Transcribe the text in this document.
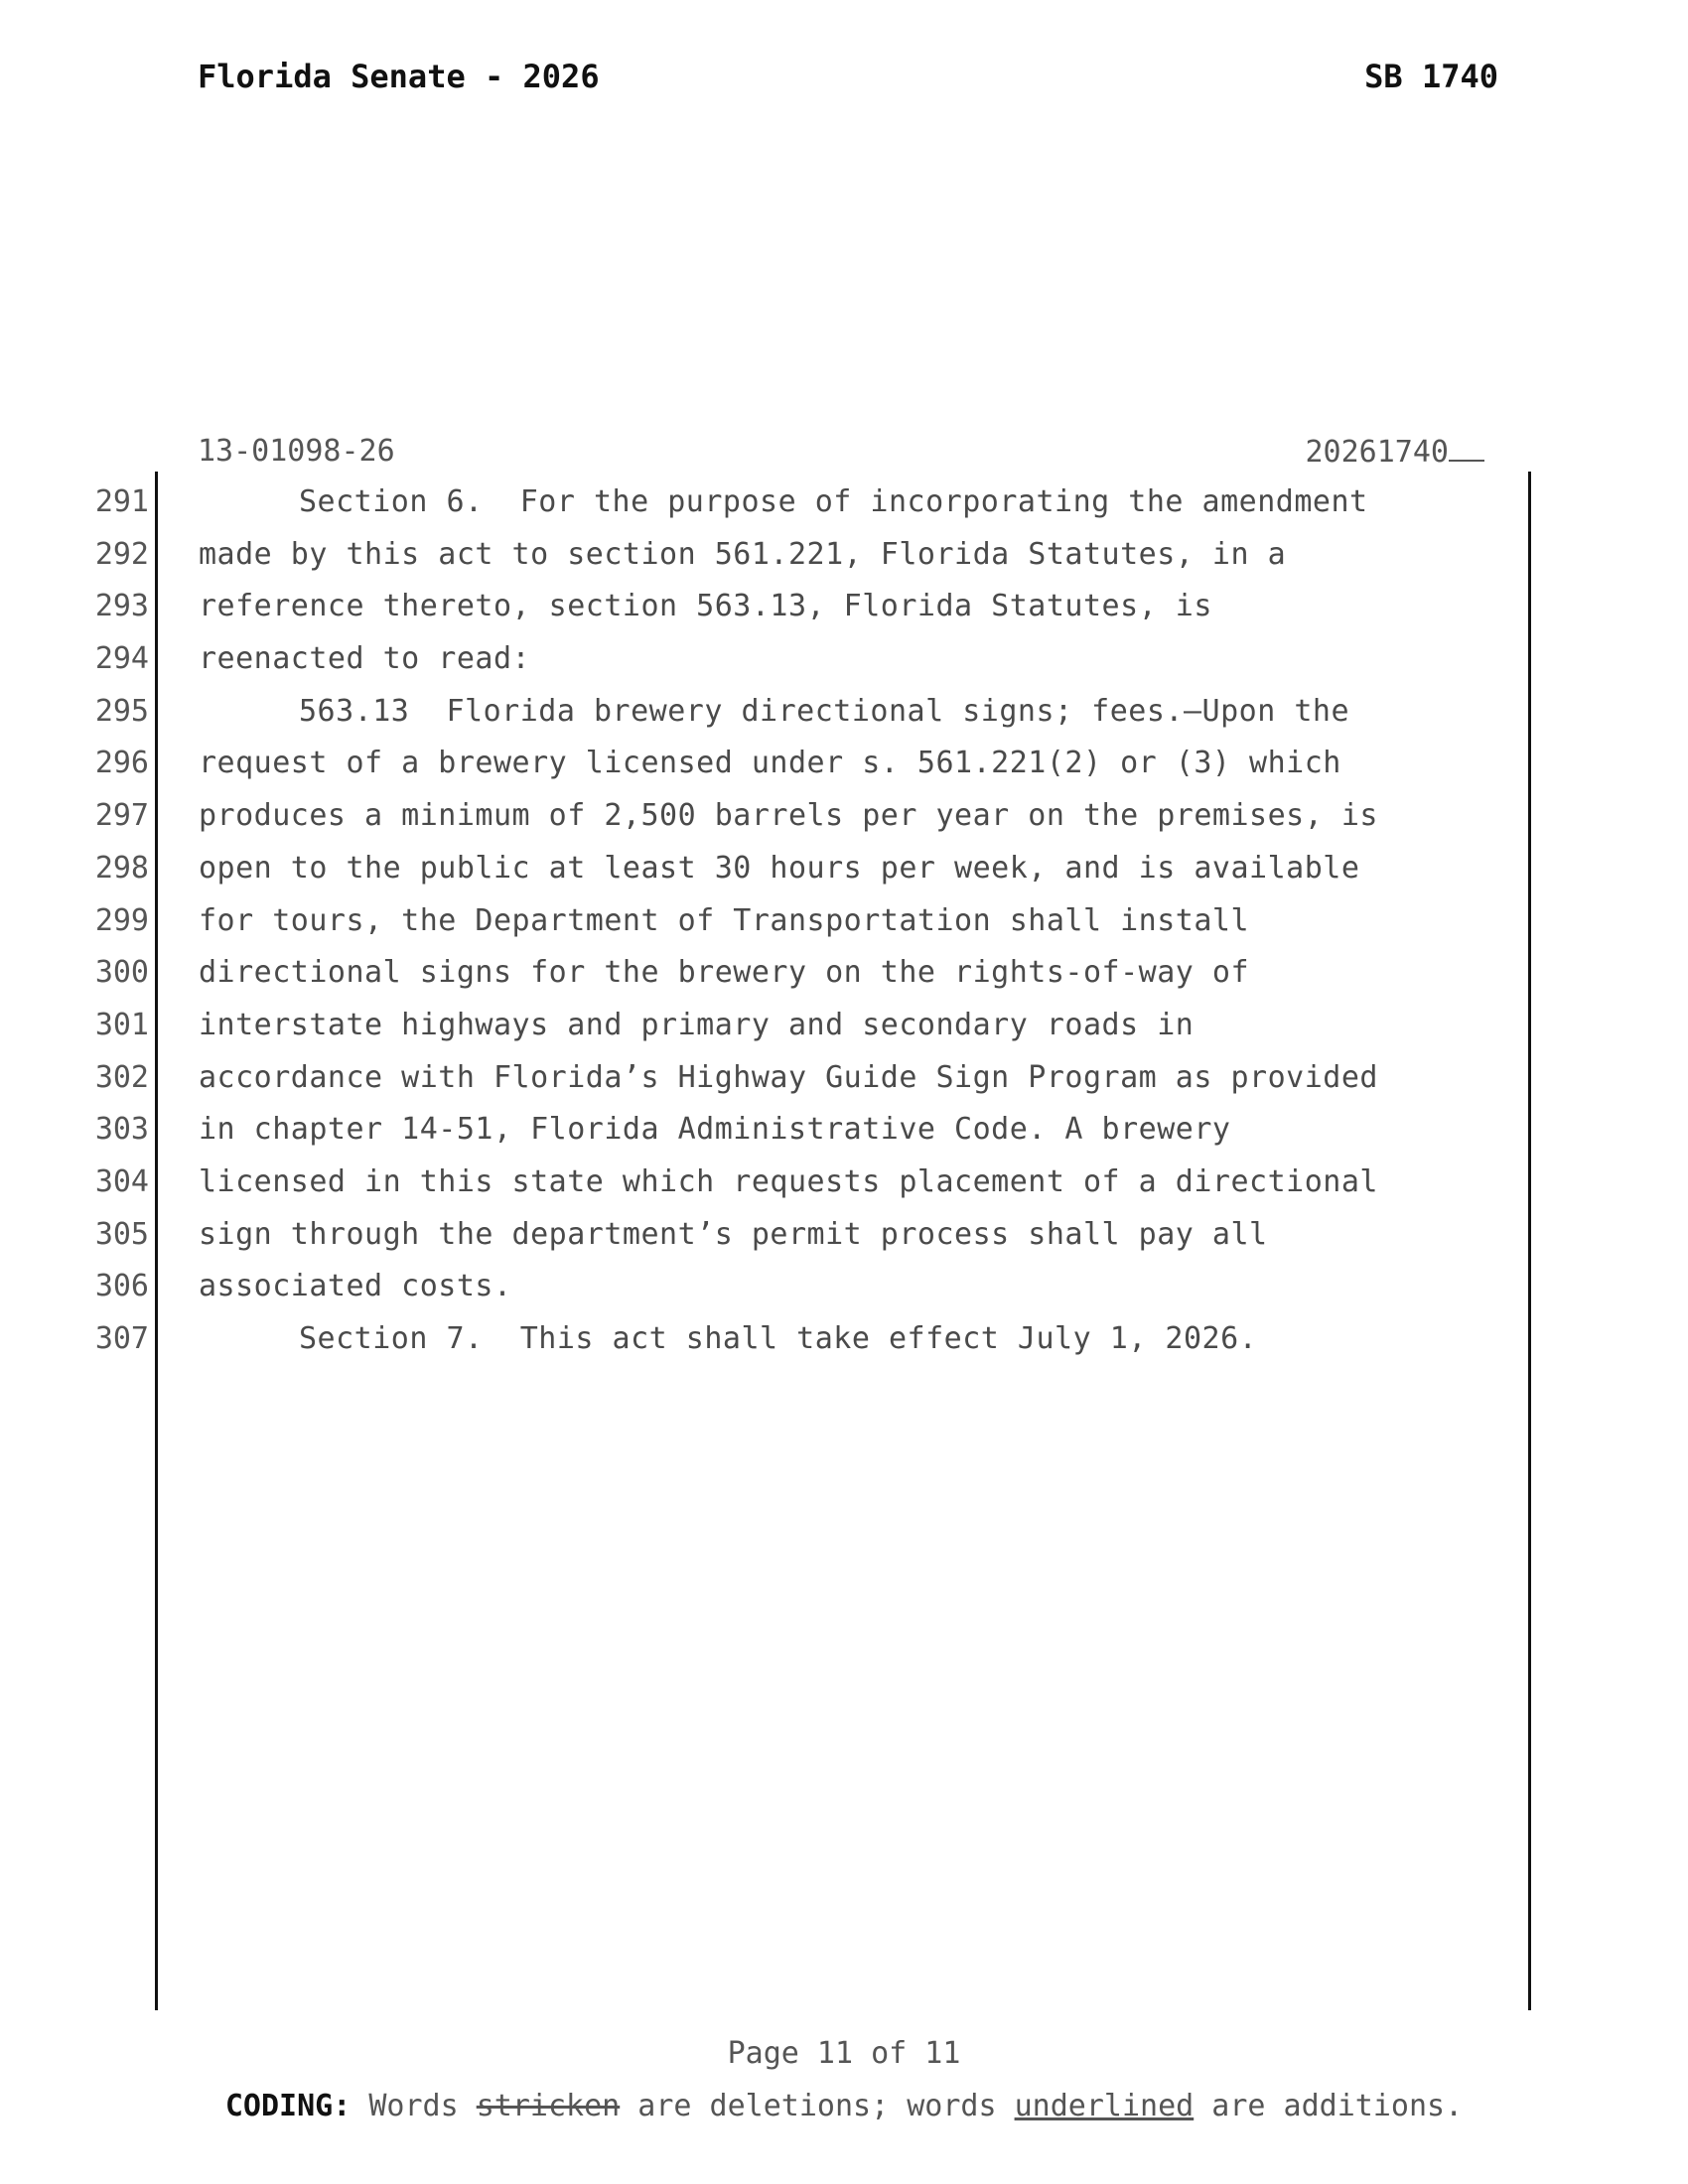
Florida Senate - 2026	SB 1740
13-01098-26	20261740
291	Section 6.  For the purpose of incorporating the amendment
292 made by this act to section 561.221, Florida Statutes, in a
293 reference thereto, section 563.13, Florida Statutes, is
294 reenacted to read:
295	563.13  Florida brewery directional signs; fees.—Upon the
296 request of a brewery licensed under s. 561.221(2) or (3) which
297 produces a minimum of 2,500 barrels per year on the premises, is
298 open to the public at least 30 hours per week, and is available
299 for tours, the Department of Transportation shall install
300 directional signs for the brewery on the rights-of-way of
301 interstate highways and primary and secondary roads in
302 accordance with Florida’s Highway Guide Sign Program as provided
303 in chapter 14-51, Florida Administrative Code. A brewery
304 licensed in this state which requests placement of a directional
305 sign through the department’s permit process shall pay all
306 associated costs.
307	Section 7.  This act shall take effect July 1, 2026.
Page 11 of 11
CODING: Words stricken are deletions; words underlined are additions.
